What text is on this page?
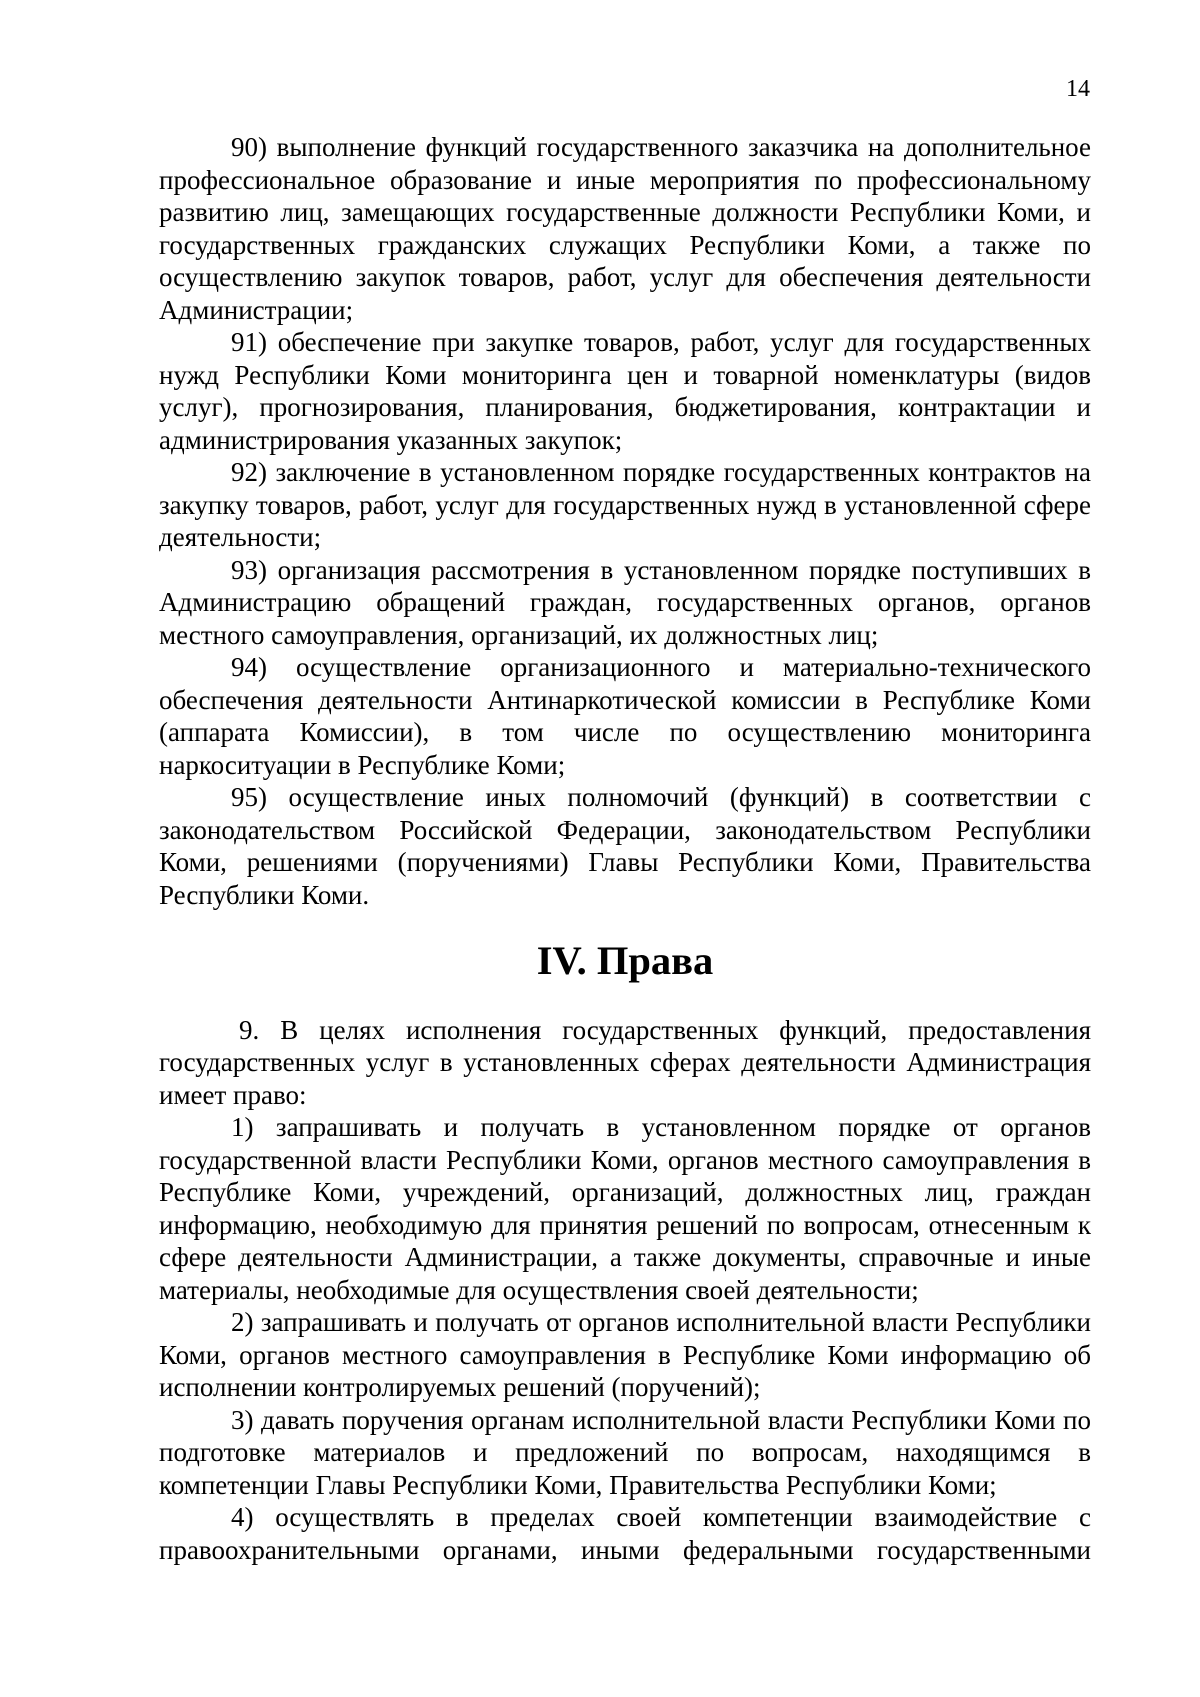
14

90) выполнение функций государственного заказчика на дополнительное профессиональное образование и иные мероприятия по профессиональному развитию лиц, замещающих государственные должности Республики Коми, и государственных гражданских служащих Республики Коми, а также по осуществлению закупок товаров, работ, услуг для обеспечения деятельности Администрации;

91) обеспечение при закупке товаров, работ, услуг для государственных нужд Республики Коми мониторинга цен и товарной номенклатуры (видов услуг), прогнозирования, планирования, бюджетирования, контрактации и администрирования указанных закупок;

92) заключение в установленном порядке государственных контрактов на закупку товаров, работ, услуг для государственных нужд в установленной сфере деятельности;

93) организация рассмотрения в установленном порядке поступивших в Администрацию обращений граждан, государственных органов, органов местного самоуправления, организаций, их должностных лиц;

94) осуществление организационного и материально-технического обеспечения деятельности Антинаркотической комиссии в Республике Коми (аппарата Комиссии), в том числе по осуществлению мониторинга наркоситуации в Республике Коми;

95) осуществление иных полномочий (функций) в соответствии с законодательством Российской Федерации, законодательством Республики Коми, решениями (поручениями) Главы Республики Коми, Правительства Республики Коми.

IV. Права

9. В целях исполнения государственных функций, предоставления государственных услуг в установленных сферах деятельности Администрация имеет право:

1) запрашивать и получать в установленном порядке от органов государственной власти Республики Коми, органов местного самоуправления в Республике Коми, учреждений, организаций, должностных лиц, граждан информацию, необходимую для принятия решений по вопросам, отнесенным к сфере деятельности Администрации, а также документы, справочные и иные материалы, необходимые для осуществления своей деятельности;

2) запрашивать и получать от органов исполнительной власти Республики Коми, органов местного самоуправления в Республике Коми информацию об исполнении контролируемых решений (поручений);

3) давать поручения органам исполнительной власти Республики Коми по подготовке материалов и предложений по вопросам, находящимся в компетенции Главы Республики Коми, Правительства Республики Коми;

4) осуществлять в пределах своей компетенции взаимодействие с правоохранительными органами, иными федеральными государственными
